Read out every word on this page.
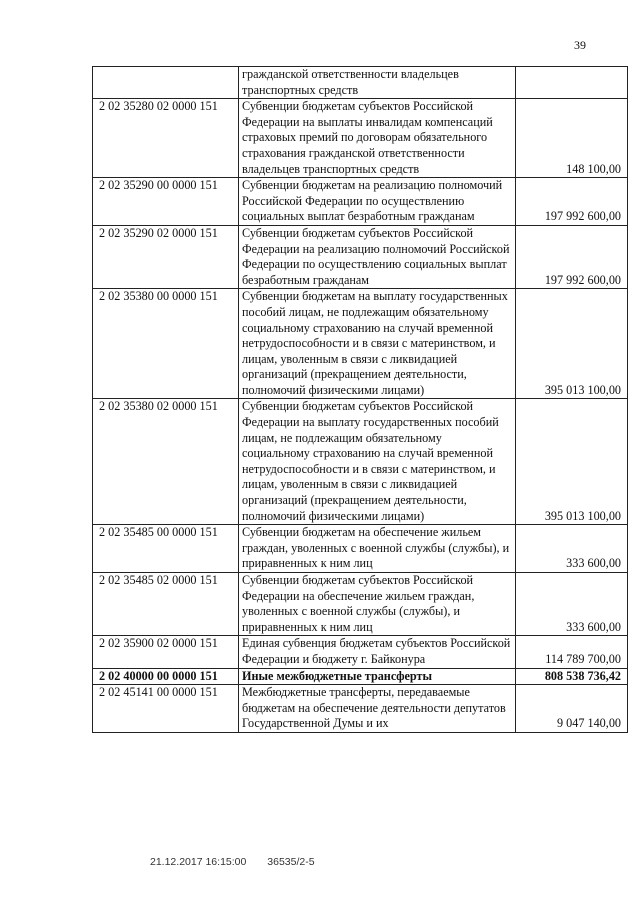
39
	гражданской ответственности владельцев транспортных средств	
2 02 35280 02 0000 151	Субвенции бюджетам субъектов Российской Федерации на выплаты инвалидам компенсаций страховых премий по договорам обязательного страхования гражданской ответственности владельцев транспортных средств	148 100,00
2 02 35290 00 0000 151	Субвенции бюджетам на реализацию полномочий Российской Федерации по осуществлению социальных выплат безработным гражданам	197 992 600,00
2 02 35290 02 0000 151	Субвенции бюджетам субъектов Российской Федерации на реализацию полномочий Российской Федерации по осуществлению социальных выплат безработным гражданам	197 992 600,00
2 02 35380 00 0000 151	Субвенции бюджетам на выплату государственных пособий лицам, не подлежащим обязательному социальному страхованию на случай временной нетрудоспособности и в связи с материнством, и лицам, уволенным в связи с ликвидацией организаций (прекращением деятельности, полномочий физическими лицами)	395 013 100,00
2 02 35380 02 0000 151	Субвенции бюджетам субъектов Российской Федерации на выплату государственных пособий лицам, не подлежащим обязательному социальному страхованию на случай временной нетрудоспособности и в связи с материнством, и лицам, уволенным в связи с ликвидацией организаций (прекращением деятельности, полномочий физическими лицами)	395 013 100,00
2 02 35485 00 0000 151	Субвенции бюджетам на обеспечение жильем граждан, уволенных с военной службы (службы), и приравненных к ним лиц	333 600,00
2 02 35485 02 0000 151	Субвенции бюджетам субъектов Российской Федерации на обеспечение жильем граждан, уволенных с военной службы (службы), и приравненных к ним лиц	333 600,00
2 02 35900 02 0000 151	Единая субвенция бюджетам субъектов Российской Федерации и бюджету г. Байконура	114 789 700,00
2 02 40000 00 0000 151	Иные межбюджетные трансферты	808 538 736,42
2 02 45141 00 0000 151	Межбюджетные трансферты, передаваемые бюджетам на обеспечение деятельности депутатов Государственной Думы и их	9 047 140,00
21.12.2017 16:15:00 36535/2-5
